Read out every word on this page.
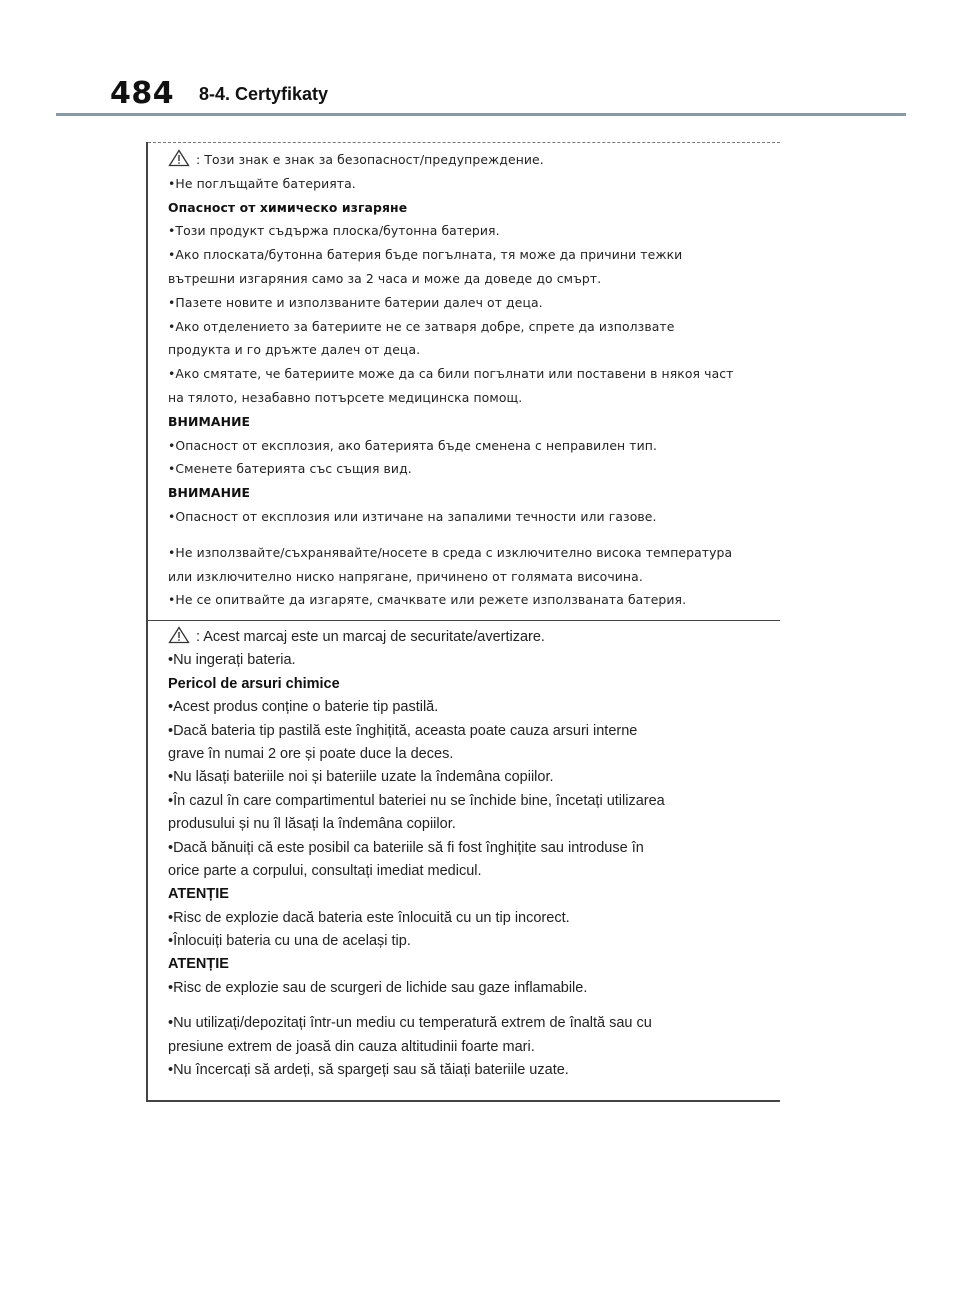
484 8-4. Certyfikaty
: Този знак е знак за безопасност/предупреждение.
•Не поглъщайте батерията.
Опасност от химическо изгаряне
•Този продукт съдържа плоска/бутонна батерия.
•Ако плоската/бутонна батерия бъде погълната, тя може да причини тежки
вътрешни изгаряния само за 2 часа и може да доведе до смърт.
•Пазете новите и използваните батерии далеч от деца.
•Ако отделението за батериите не се затваря добре, спрете да използвате
продукта и го дръжте далеч от деца.
•Ако смятате, че батериите може да са били погълнати или поставени в някоя част
на тялото, незабавно потърсете медицинска помощ.
ВНИМАНИЕ
•Опасност от експлозия, ако батерията бъде сменена с неправилен тип.
•Сменете батерията със същия вид.
ВНИМАНИЕ
•Опасност от експлозия или изтичане на запалими течности или газове.
•Не използвайте/съхранявайте/носете в среда с изключително висока температура
или изключително ниско напрягане, причинено от голямата височина.
•Не се опитвайте да изгаряте, смачквате или режете използваната батерия.
: Acest marcaj este un marcaj de securitate/avertizare.
•Nu ingerați bateria.
Pericol de arsuri chimice
•Acest produs conține o baterie tip pastilă.
•Dacă bateria tip pastilă este înghițită, aceasta poate cauza arsuri interne
grave în numai 2 ore și poate duce la deces.
•Nu lăsați bateriile noi și bateriile uzate la îndemâna copiilor.
•În cazul în care compartimentul bateriei nu se închide bine, încetați utilizarea
produsului și nu îl lăsați la îndemâna copiilor.
•Dacă bănuiți că este posibil ca bateriile să fi fost înghițite sau introduse în
orice parte a corpului, consultați imediat medicul.
ATENȚIE
•Risc de explozie dacă bateria este înlocuită cu un tip incorect.
•Înlocuiți bateria cu una de același tip.
ATENȚIE
•Risc de explozie sau de scurgeri de lichide sau gaze inflamabile.
•Nu utilizați/depozitați într-un mediu cu temperatură extrem de înaltă sau cu
presiune extrem de joasă din cauza altitudinii foarte mari.
•Nu încercați să ardeți, să spargeți sau să tăiați bateriile uzate.
